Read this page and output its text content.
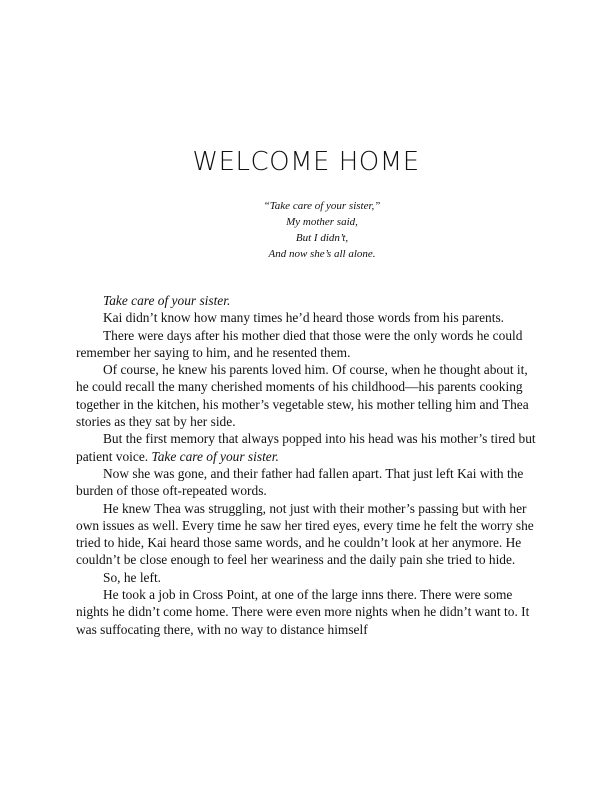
WELCOME HOME
“Take care of your sister,”
My mother said,
But I didn’t,
And now she’s all alone.

Take care of your sister.

Kai didn’t know how many times he’d heard those words from his parents.

There were days after his mother died that those were the only words he could remember her saying to him, and he resented them.

Of course, he knew his parents loved him. Of course, when he thought about it, he could recall the many cherished moments of his childhood—his parents cooking together in the kitchen, his mother’s vegetable stew, his mother telling him and Thea stories as they sat by her side.

But the first memory that always popped into his head was his mother’s tired but patient voice. Take care of your sister.

Now she was gone, and their father had fallen apart. That just left Kai with the burden of those oft-repeated words.

He knew Thea was struggling, not just with their mother’s passing but with her own issues as well. Every time he saw her tired eyes, every time he felt the worry she tried to hide, Kai heard those same words, and he couldn’t look at her anymore. He couldn’t be close enough to feel her weariness and the daily pain she tried to hide.

So, he left.

He took a job in Cross Point, at one of the large inns there. There were some nights he didn’t come home. There were even more nights when he didn’t want to. It was suffocating there, with no way to distance himself
